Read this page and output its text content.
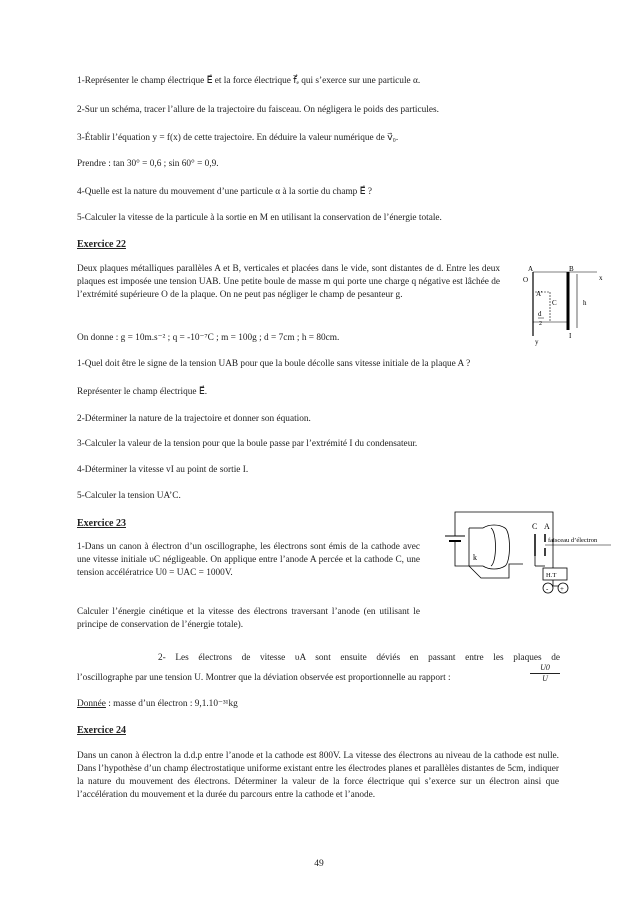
1-Représenter le champ électrique E⃗ et la force électrique f⃗ₑ qui s’exerce sur une particule α.

2-Sur un schéma, tracer l’allure de la trajectoire du faisceau. On négligera le poids des particules.

3-Établir l’équation y = f(x) de cette trajectoire. En déduire la valeur numérique de v⃗₀.

Prendre : tan 30° = 0,6 ; sin 60° = 0,9.

4-Quelle est la nature du mouvement d’une particule α à la sortie du champ E⃗ ?

5-Calculer la vitesse de la particule à la sortie en M en utilisant la conservation de l’énergie totale.

Exercice 22

Deux plaques métalliques parallèles A et B, verticales et placées dans le vide, sont distantes de d. Entre les deux plaques est imposée une tension UAB. Une petite boule de masse m qui porte une charge q négative est lâchée de l’extrémité supérieure O de la plaque. On ne peut pas négliger le champ de pesanteur g.

On donne : g = 10m.s⁻² ; q = -10⁻⁷C ; m = 100g ; d = 7cm ; h = 80cm.

1-Quel doit être le signe de la tension UAB pour que la boule décolle sans vitesse initiale de la plaque A ?

Représenter le champ électrique E⃗.

2-Déterminer la nature de la trajectoire et donner son équation.

3-Calculer la valeur de la tension pour que la boule passe par l’extrémité I du condensateur.

4-Déterminer la vitesse vI au point de sortie I.

5-Calculer la tension UA’C.

A	B
O	x
A’
C
d
2
h
y
I

Exercice 23

1-Dans un canon à électron d’un oscillographe, les électrons sont émis de la cathode avec une vitesse initiale υC négligeable. On applique entre l’anode A percée et la cathode C, une tension accélératrice U0 = UAC = 1000V.

Calculer l’énergie cinétique et la vitesse des électrons traversant l’anode (en utilisant le principe de conservation de l’énergie totale).

2- Les électrons de vitesse υA sont ensuite déviés en passant entre les plaques de

l’oscillographe par une tension U. Montrer que la déviation observée est proportionnelle au rapport :	$\frac{U0}{U}$

Donnée : masse d’un électron : 9,1.10⁻³¹kg

C A
faisceau d’électron
k
H.T
- +

Exercice 24

Dans un canon à électron la d.d.p entre l’anode et la cathode est 800V. La vitesse des électrons au niveau de la cathode est nulle. Dans l’hypothèse d’un champ électrostatique uniforme existant entre les électrodes planes et parallèles distantes de 5cm, indiquer la nature du mouvement des électrons. Déterminer la valeur de la force électrique qui s’exerce sur un électron ainsi que l’accélération du mouvement et la durée du parcours entre la cathode et l’anode.

49
